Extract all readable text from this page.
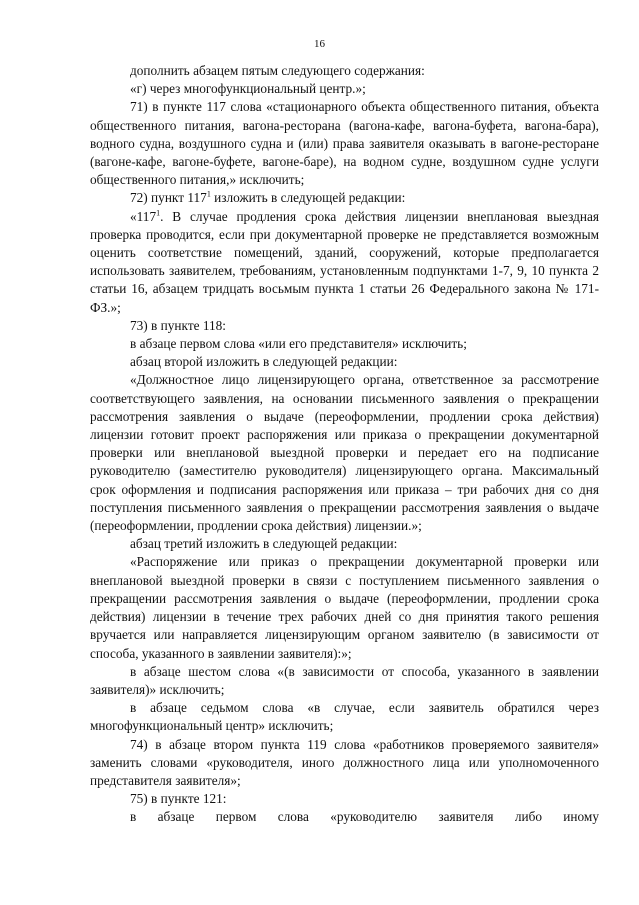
16

дополнить абзацем пятым следующего содержания:

«г) через многофункциональный центр.»;

71) в пункте 117 слова «стационарного объекта общественного питания, объекта общественного питания, вагона-ресторана (вагона-кафе, вагона-буфета, вагона-бара), водного судна, воздушного судна и (или) права заявителя оказывать в вагоне-ресторане (вагоне-кафе, вагоне-буфете, вагоне-баре), на водном судне, воздушном судне услуги общественного питания,» исключить;

72) пункт $117^1$ изложить в следующей редакции:

«$117^1$. В случае продления срока действия лицензии внеплановая выездная проверка проводится, если при документарной проверке не представляется возможным оценить соответствие помещений, зданий, сооружений, которые предполагается использовать заявителем, требованиям, установленным подпунктами 1-7, 9, 10 пункта 2 статьи 16, абзацем тридцать восьмым пункта 1 статьи 26 Федерального закона № 171-ФЗ.»;

73) в пункте 118:

в абзаце первом слова «или его представителя» исключить;

абзац второй изложить в следующей редакции:

«Должностное лицо лицензирующего органа, ответственное за рассмотрение соответствующего заявления, на основании письменного заявления о прекращении рассмотрения заявления о выдаче (переоформлении, продлении срока действия) лицензии готовит проект распоряжения или приказа о прекращении документарной проверки или внеплановой выездной проверки и передает его на подписание руководителю (заместителю руководителя) лицензирующего органа. Максимальный срок оформления и подписания распоряжения или приказа – три рабочих дня со дня поступления письменного заявления о прекращении рассмотрения заявления о выдаче (переоформлении, продлении срока действия) лицензии.»;

абзац третий изложить в следующей редакции:

«Распоряжение или приказ о прекращении документарной проверки или внеплановой выездной проверки в связи с поступлением письменного заявления о прекращении рассмотрения заявления о выдаче (переоформлении, продлении срока действия) лицензии в течение трех рабочих дней со дня принятия такого решения вручается или направляется лицензирующим органом заявителю (в зависимости от способа, указанного в заявлении заявителя):»;

в абзаце шестом слова «(в зависимости от способа, указанного в заявлении заявителя)» исключить;

в абзаце седьмом слова «в случае, если заявитель обратился через многофункциональный центр» исключить;

74) в абзаце втором пункта 119 слова «работников проверяемого заявителя» заменить словами «руководителя, иного должностного лица или уполномоченного представителя заявителя»;

75) в пункте 121:

в абзаце первом слова «руководителю заявителя либо иному
